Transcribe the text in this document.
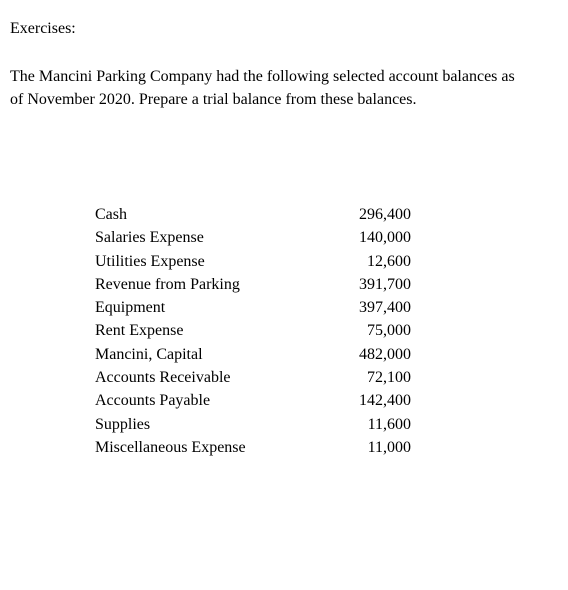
Exercises:

The Mancini Parking Company had the following selected account balances as of November 2020. Prepare a trial balance from these balances.

Cash	296,400
Salaries Expense	140,000
Utilities Expense	12,600
Revenue from Parking	391,700
Equipment	397,400
Rent Expense	75,000
Mancini, Capital	482,000
Accounts Receivable	72,100
Accounts Payable	142,400
Supplies	11,600
Miscellaneous Expense	11,000
